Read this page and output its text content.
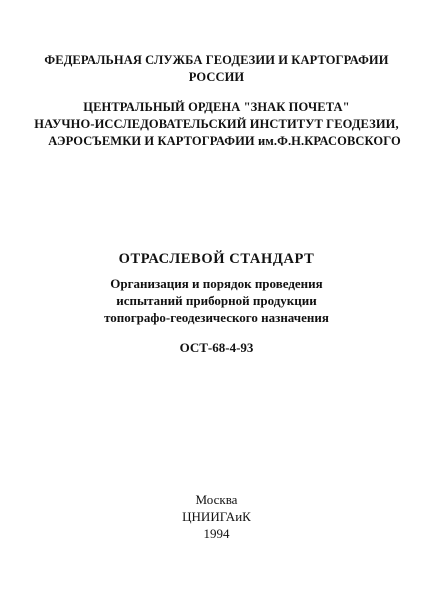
ФЕДЕРАЛЬНАЯ СЛУЖБА ГЕОДЕЗИИ И КАРТОГРАФИИ
РОССИИ
ЦЕНТРАЛЬНЫЙ ОРДЕНА "ЗНАК ПОЧЕТА"
НАУЧНО-ИССЛЕДОВАТЕЛЬСКИЙ ИНСТИТУТ ГЕОДЕЗИИ,
АЭРОСЪЕМКИ И КАРТОГРАФИИ им.Ф.Н.КРАСОВСКОГО
ОТРАСЛЕВОЙ СТАНДАРТ
Организация и порядок проведения
испытаний приборной продукции
топографо-геодезического назначения
ОСТ-68-4-93
Москва
ЦНИИГАиК
1994
